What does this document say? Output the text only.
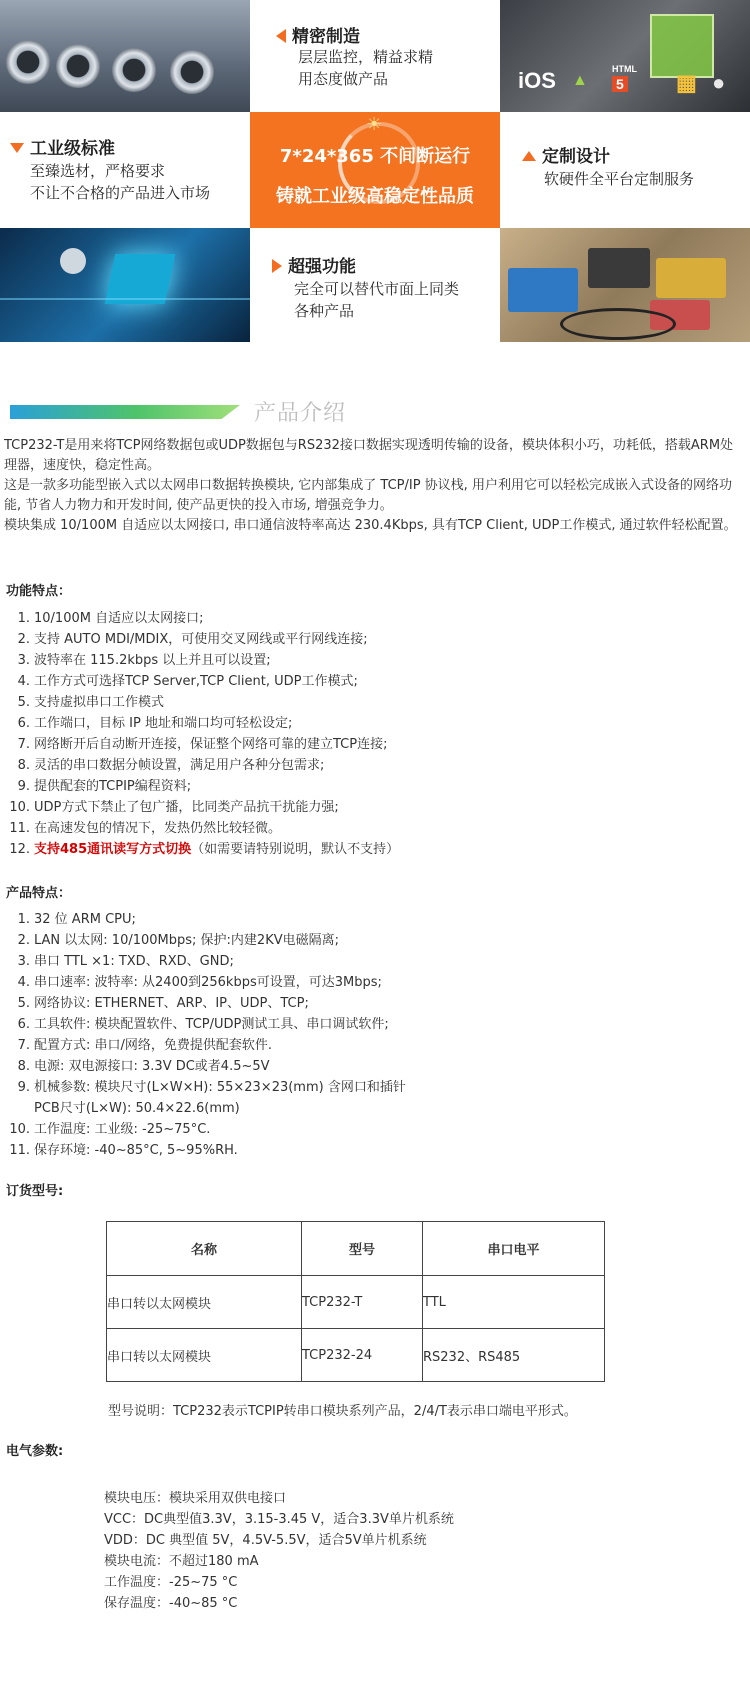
精密制造
层层监控，精益求精
用态度做产品	iOS ▲
HTML
5 ▦ ●
工业级标准
至臻选材，严格要求
不让不合格的产品进入市场
☀
7*24*365 不间断运行
铸就工业级高稳定性品质
定制设计
软硬件全平台定制服务
超强功能
完全可以替代市面上同类
各种产品
产品介绍
TCP232-T是用来将TCP网络数据包或UDP数据包与RS232接口数据实现透明传输的设备，模块体积小巧，功耗低，搭载ARM处理器，速度快，稳定性高。
这是一款多功能型嵌入式以太网串口数据转换模块, 它内部集成了 TCP/IP 协议栈, 用户利用它可以轻松完成嵌入式设备的网络功能, 节省人力物力和开发时间, 使产品更快的投入市场, 增强竞争力。
模块集成 10/100M 自适应以太网接口, 串口通信波特率高达 230.4Kbps, 具有TCP Client, UDP工作模式, 通过软件轻松配置。
功能特点：
1. 10/100M 自适应以太网接口;
2. 支持 AUTO MDI/MDIX，可使用交叉网线或平行网线连接;
3. 波特率在 115.2kbps 以上并且可以设置;
4. 工作方式可选择TCP Server,TCP Client, UDP工作模式;
5. 支持虚拟串口工作模式
6. 工作端口，目标 IP 地址和端口均可轻松设定;
7. 网络断开后自动断开连接，保证整个网络可靠的建立TCP连接;
8. 灵活的串口数据分帧设置，满足用户各种分包需求;
9. 提供配套的TCPIP编程资料;
10. UDP方式下禁止了包广播，比同类产品抗干扰能力强;
11. 在高速发包的情况下，发热仍然比较轻微。
12. 支持485通讯读写方式切换（如需要请特别说明，默认不支持）
产品特点：
1. 32 位 ARM CPU;
2. LAN 以太网: 10/100Mbps; 保护:内建2KV电磁隔离;
3. 串口 TTL ×1: TXD、RXD、GND;
4. 串口速率: 波特率: 从2400到256kbps可设置，可达3Mbps;
5. 网络协议: ETHERNET、ARP、IP、UDP、TCP;
6. 工具软件: 模块配置软件、TCP/UDP测试工具、串口调试软件;
7. 配置方式: 串口/网络，免费提供配套软件.
8. 电源: 双电源接口: 3.3V DC或者4.5~5V
9. 机械参数: 模块尺寸(L×W×H): 55×23×23(mm) 含网口和插针
PCB尺寸(L×W): 50.4×22.6(mm)
10. 工作温度: 工业级: -25~75°C.
11. 保存环境: -40~85°C, 5~95%RH.
订货型号:
名称	型号	串口电平
串口转以太网模块	TCP232-T	TTL
串口转以太网模块	TCP232-24	RS232、RS485
型号说明：TCP232表示TCPIP转串口模块系列产品，2/4/T表示串口端电平形式。
电气参数:
模块电压：模块采用双供电接口
VCC：DC典型值3.3V，3.15-3.45 V，适合3.3V单片机系统
VDD：DC 典型值 5V，4.5V-5.5V，适合5V单片机系统
模块电流：不超过180 mA
工作温度：-25~75 °C
保存温度：-40~85 °C
